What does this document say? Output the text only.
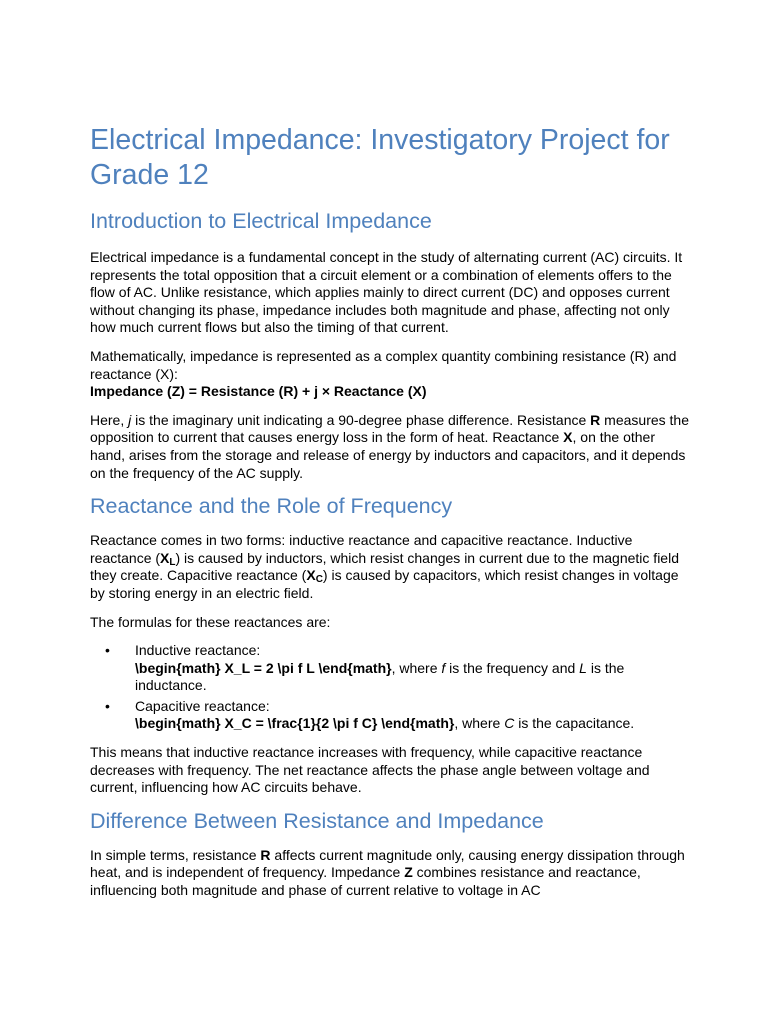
Electrical Impedance: Investigatory Project for Grade 12
Introduction to Electrical Impedance

Electrical impedance is a fundamental concept in the study of alternating current (AC) circuits. It represents the total opposition that a circuit element or a combination of elements offers to the flow of AC. Unlike resistance, which applies mainly to direct current (DC) and opposes current without changing its phase, impedance includes both magnitude and phase, affecting not only how much current flows but also the timing of that current.

Mathematically, impedance is represented as a complex quantity combining resistance (R) and reactance (X):

Impedance (Z) = Resistance (R) + j × Reactance (X)

Here, j is the imaginary unit indicating a 90-degree phase difference. Resistance R measures the opposition to current that causes energy loss in the form of heat. Reactance X, on the other hand, arises from the storage and release of energy by inductors and capacitors, and it depends on the frequency of the AC supply.

Reactance and the Role of Frequency

Reactance comes in two forms: inductive reactance and capacitive reactance. Inductive reactance $(X_L)$ is caused by inductors, which resist changes in current due to the magnetic field they create. Capacitive reactance $(X_C)$ is caused by capacitors, which resist changes in voltage by storing energy in an electric field.

The formulas for these reactances are:

• Inductive reactance:
\begin{math} X_L = 2 \pi f L \end{math}, where f is the frequency and L is the inductance.
• Capacitive reactance:
\begin{math} X_C = \frac{1}{2 \pi f C} \end{math}, where C is the capacitance.

This means that inductive reactance increases with frequency, while capacitive reactance decreases with frequency. The net reactance affects the phase angle between voltage and current, influencing how AC circuits behave.

Difference Between Resistance and Impedance

In simple terms, resistance R affects current magnitude only, causing energy dissipation through heat, and is independent of frequency. Impedance Z combines resistance and reactance, influencing both magnitude and phase of current relative to voltage in AC
